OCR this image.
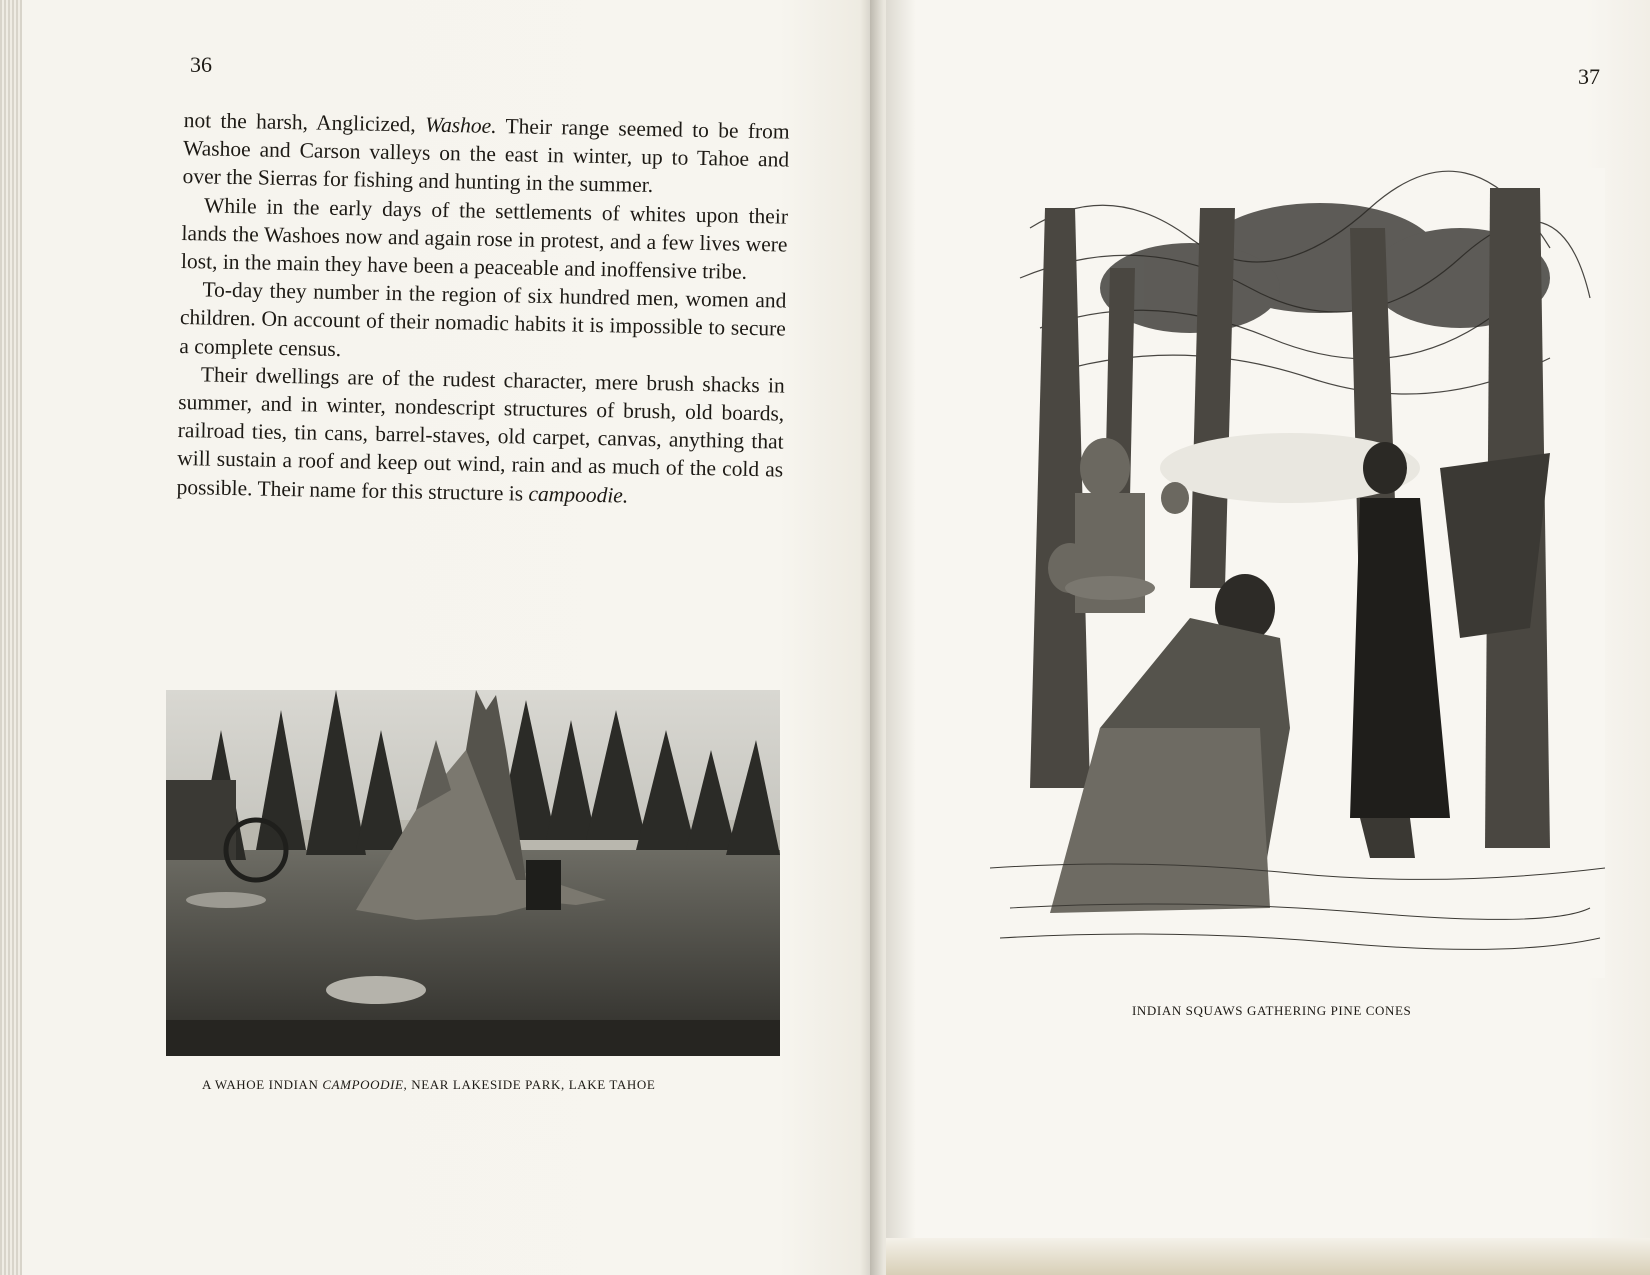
36

not the harsh, Anglicized, Washoe. Their range seemed to be from Washoe and Carson valleys on the east in winter, up to Tahoe and over the Sierras for fishing and hunting in the summer.

While in the early days of the settlements of whites upon their lands the Washoes now and again rose in protest, and a few lives were lost, in the main they have been a peaceable and inoffensive tribe.

To-day they number in the region of six hundred men, women and children. On account of their nomadic habits it is impossible to secure a complete census.

Their dwellings are of the rudest character, mere brush shacks in summer, and in winter, nondescript structures of brush, old boards, railroad ties, tin cans, barrel-staves, old carpet, canvas, anything that will sustain a roof and keep out wind, rain and as much of the cold as possible. Their name for this structure is campoodie.

A WAHOE INDIAN CAMPOODIE, NEAR LAKESIDE PARK, LAKE TAHOE
37
INDIAN SQUAWS GATHERING PINE CONES
